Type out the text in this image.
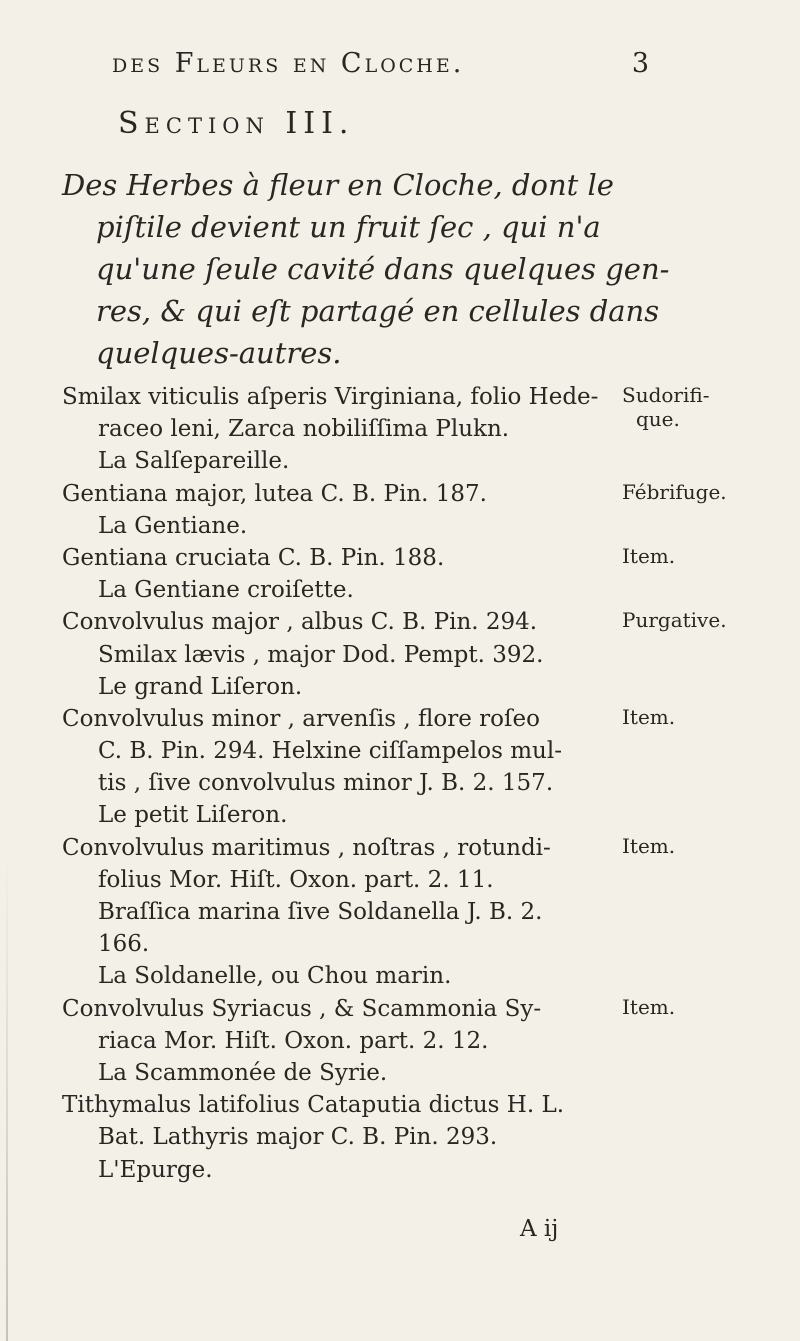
des Fleurs en Cloche.	3
Section III.
Des Herbes à fleur en Cloche, dont le
piſtile devient un fruit ſec , qui n'a
qu'une ſeule cavité dans quelques gen-
res, & qui eſt partagé en cellules dans
quelques-autres.
Smilax viticulis aſperis Virginiana, folio Hede-
raceo leni, Zarca nobiliſſima Plukn.
La Salſepareille.
Gentiana major, lutea C. B. Pin. 187.
La Gentiane.
Gentiana cruciata C. B. Pin. 188.
La Gentiane croiſette.
Convolvulus major , albus C. B. Pin. 294.
Smilax lævis , major Dod. Pempt. 392.
Le grand Liſeron.
Convolvulus minor , arvenſis , flore roſeo
C. B. Pin. 294. Helxine ciſſampelos mul-
tis , ſive convolvulus minor J. B. 2. 157.
Le petit Liſeron.
Convolvulus maritimus , noſtras , rotundi-
folius Mor. Hiſt. Oxon. part. 2. 11.
Braſſica marina ſive Soldanella J. B. 2.
166.
La Soldanelle, ou Chou marin.
Convolvulus Syriacus , & Scammonia Sy-
riaca Mor. Hiſt. Oxon. part. 2. 12.
La Scammonée de Syrie.
Tithymalus latifolius Cataputia dictus H. L.
Bat. Lathyris major C. B. Pin. 293.
L'Epurge.
A ij
Sudorifi-
que.
Fébrifuge.
Item.
Purgative.
Item.
Item.
Item.
